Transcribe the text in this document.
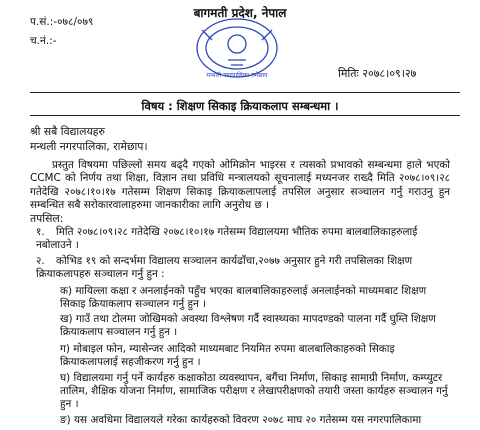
बागमती प्रदेश, नेपाल
प.सं.:-०७८/०७९
च.नं.:-
मन्थली नगरपालिका रामेछाप	मितिः २०७८।०९।२७
विषय : शिक्षण सिकाइ क्रियाकलाप सम्बन्धमा ।
श्री सबै विद्यालयहरु
मन्थली नगरपालिका, रामेछाप।
प्रस्तुत विषयमा पछिल्लो समय बढ्दै गएको ओमिक्रोन भाइरस र त्यसको प्रभावको सम्बन्धमा हाले भएको CCMC को निर्णय तथा शिक्षा, विज्ञान तथा प्रविधि मन्त्रालयको सूचनालाई मध्यनजर राख्दै मिति २०७८।०९।२८ गतेदेखि २०७८।१०।१७ गतेसम्म शिक्षण सिकाइ क्रियाकलापलाई तपसिल अनुसार सञ्चालन गर्नु गराउनु हुन सम्बन्धित सबै सरोकारवालाहरुमा जानकारीका लागि अनुरोध छ ।
तपसिल:
१. मिति २०७८।०९।२८ गतेदेखि २०७८।१०।१७ गतेसम्म विद्यालयमा भौतिक रुपमा बालबालिकाहरुलाई नबोलाउने ।
२. कोभिड १९ को सन्दर्भमा विद्यालय सञ्चालन कार्यढाँचा,२०७७ अनुसार हुने गरी तपसिलका शिक्षण क्रियाकलापहरु सञ्चालन गर्नु हुन :
क) मायिल्ला कक्षा र अनलाईनको पहुँच भएका बालबालिकाहरुलाई अनलाईनको माध्यमबाट शिक्षण सिकाइ क्रियाकलाप सञ्चालन गर्नु हुन ।
ख) गाउँ तथा टोलमा जोखिमको अवस्था विश्लेषण गर्दै स्वास्थ्यका मापदण्डको पालना गर्दै घुम्ति शिक्षण क्रियाकलाप सञ्चालन गर्नु हुन ।
ग) मोबाइल फोन, म्यासेन्जर आदिको माध्यमबाट नियमित रुपमा बालबालिकाहरुको सिकाइ क्रियाकलापलाई सहजीकरण गर्नु हुन ।
घ) विद्यालयमा गर्नु पर्ने कार्यहरु कक्षाकोठा व्यवस्थापन, बगैंचा निर्माण, सिकाइ सामाग्री निर्माण, कम्प्युटर तालिम, शैक्षिक योजना निर्माण, सामाजिक परीक्षण र लेखापरीक्षणको तयारी जस्ता कार्यहरु सञ्चालन गर्नु हुन ।
ङ) यस अवधिमा विद्यालयले गरेका कार्यहरुको विवरण २०७८ माघ २० गतेसम्म यस नगरपालिकामा
